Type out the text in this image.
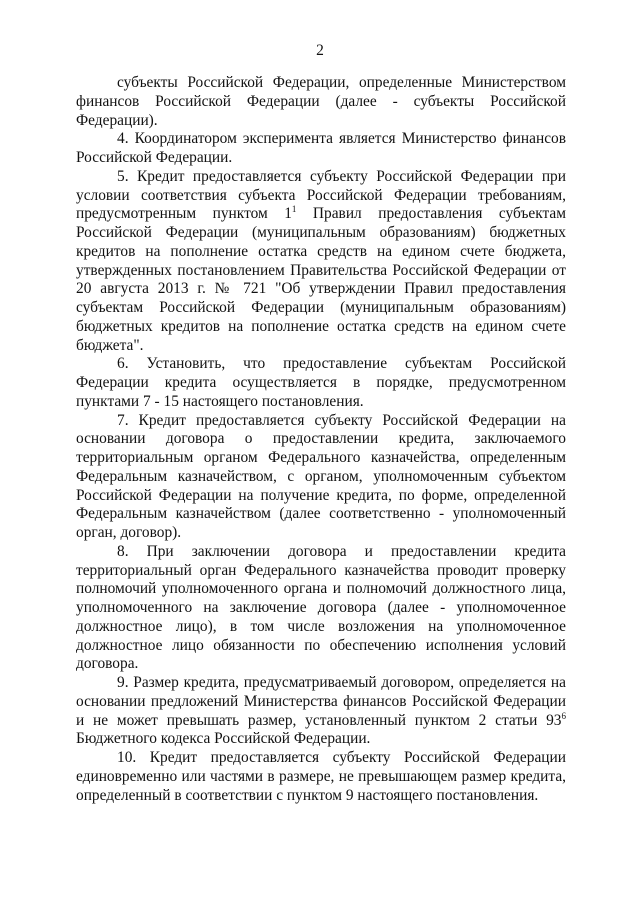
2

субъекты Российской Федерации, определенные Министерством финансов Российской Федерации (далее - субъекты Российской Федерации).

4. Координатором эксперимента является Министерство финансов Российской Федерации.

5. Кредит предоставляется субъекту Российской Федерации при условии соответствия субъекта Российской Федерации требованиям, предусмотренным пунктом $1^1$ Правил предоставления субъектам Российской Федерации (муниципальным образованиям) бюджетных кредитов на пополнение остатка средств на едином счете бюджета, утвержденных постановлением Правительства Российской Федерации от 20 августа 2013 г. № 721 "Об утверждении Правил предоставления субъектам Российской Федерации (муниципальным образованиям) бюджетных кредитов на пополнение остатка средств на едином счете бюджета".

6. Установить, что предоставление субъектам Российской Федерации кредита осуществляется в порядке, предусмотренном пунктами 7 - 15 настоящего постановления.

7. Кредит предоставляется субъекту Российской Федерации на основании договора о предоставлении кредита, заключаемого территориальным органом Федерального казначейства, определенным Федеральным казначейством, с органом, уполномоченным субъектом Российской Федерации на получение кредита, по форме, определенной Федеральным казначейством (далее соответственно - уполномоченный орган, договор).

8. При заключении договора и предоставлении кредита территориальный орган Федерального казначейства проводит проверку полномочий уполномоченного органа и полномочий должностного лица, уполномоченного на заключение договора (далее - уполномоченное должностное лицо), в том числе возложения на уполномоченное должностное лицо обязанности по обеспечению исполнения условий договора.

9. Размер кредита, предусматриваемый договором, определяется на основании предложений Министерства финансов Российской Федерации и не может превышать размер, установленный пунктом 2 статьи $93^6$ Бюджетного кодекса Российской Федерации.

10. Кредит предоставляется субъекту Российской Федерации единовременно или частями в размере, не превышающем размер кредита, определенный в соответствии с пунктом 9 настоящего постановления.
